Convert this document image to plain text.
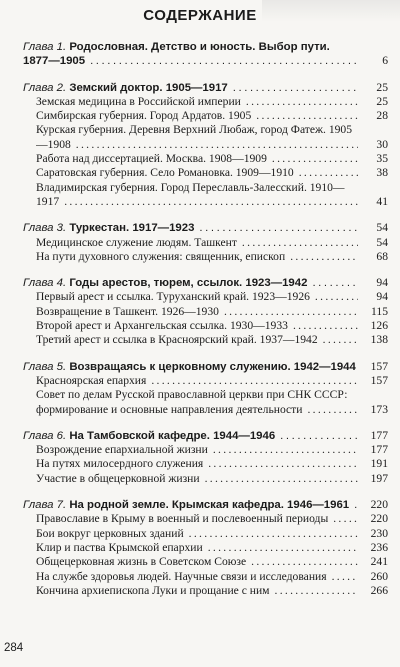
СОДЕРЖАНИЕ
Глава 1. Родословная. Детство и юность. Выбор пути. 1877—1905 . . .	6
Глава 2. Земский доктор. 1905—1917 . . .	25
Земская медицина в Российской империи . . .	25
Симбирская губерния. Город Ардатов. 1905 . . .	28
Курская губерния. Деревня Верхний Любаж, город Фатеж. 1905—1908 . . .	30
Работа над диссертацией. Москва. 1908—1909 . . .	35
Саратовская губерния. Село Романовка. 1909—1910 . . .	38
Владимирская губерния. Город Переславль-Залесский. 1910—1917 . . .	41
Глава 3. Туркестан. 1917—1923 . . .	54
Медицинское служение людям. Ташкент . . .	54
На пути духовного служения: священник, епископ . . .	68
Глава 4. Годы арестов, тюрем, ссылок. 1923—1942 . . .	94
Первый арест и ссылка. Туруханский край. 1923—1926 . . .	94
Возвращение в Ташкент. 1926—1930 . . .	115
Второй арест и Архангельская ссылка. 1930—1933 . . .	126
Третий арест и ссылка в Красноярский край. 1937—1942 . . .	138
Глава 5. Возвращаясь к церковному служению. 1942—1944 . . .	157
Красноярская епархия . . .	157
Совет по делам Русской православной церкви при СНК СССР: формирование и основные направления деятельности . . .	173
Глава 6. На Тамбовской кафедре. 1944—1946 . . .	177
Возрождение епархиальной жизни . . .	177
На путях милосердного служения . . .	191
Участие в общецерковной жизни . . .	197
Глава 7. На родной земле. Крымская кафедра. 1946—1961 . . .	220
Православие в Крыму в военный и послевоенный периоды . . .	220
Бои вокруг церковных зданий . . .	230
Клир и паства Крымской епархии . . .	236
Общецерковная жизнь в Советском Союзе . . .	241
На службе здоровья людей. Научные связи и исследования . . .	260
Кончина архиепископа Луки и прощание с ним . . .	266
284
